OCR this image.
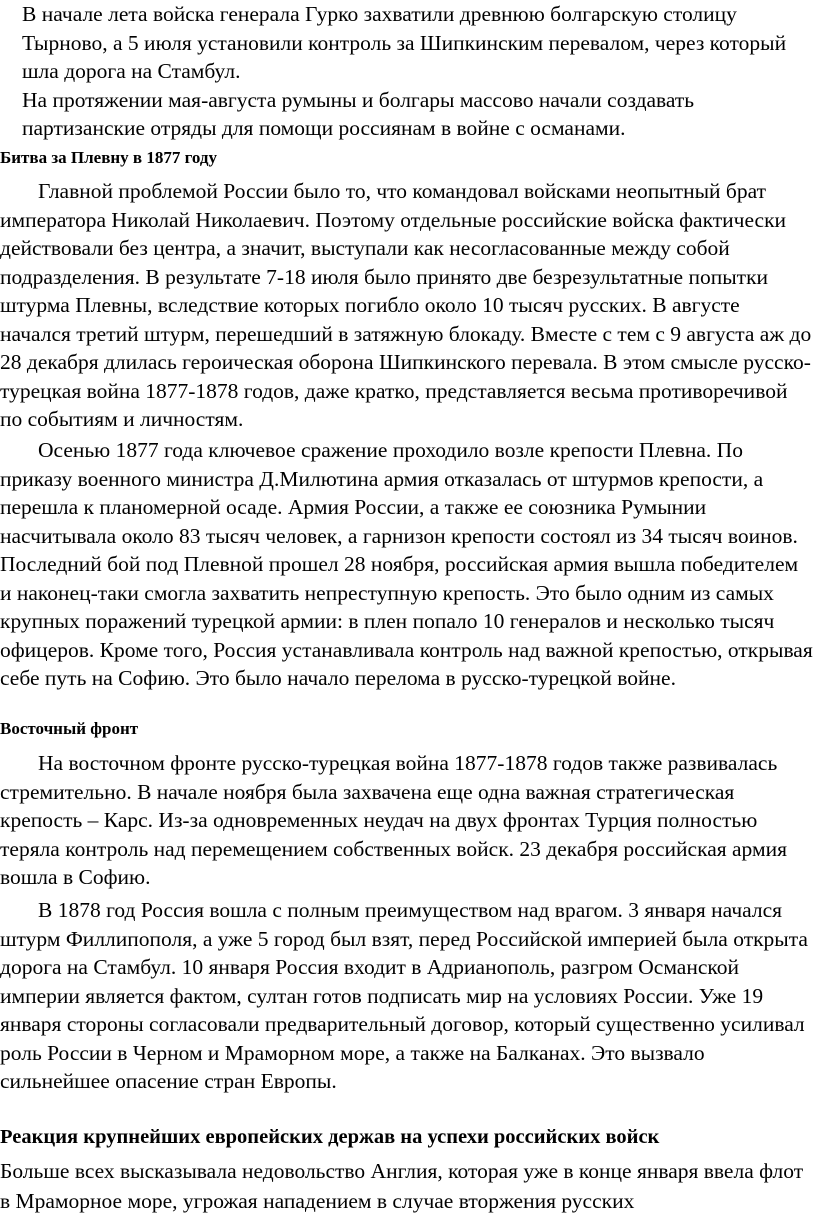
В начале лета войска генерала Гурко захватили древнюю болгарскую столицу Тырново, а 5 июля установили контроль за Шипкинским перевалом, через который шла дорога на Стамбул.
На протяжении мая-августа румыны и болгары массово начали создавать партизанские отряды для помощи россиянам в войне с османами.
Битва за Плевну в 1877 году

Главной проблемой России было то, что командовал войсками неопытный брат императора Николай Николаевич. Поэтому отдельные российские войска фактически действовали без центра, а значит, выступали как несогласованные между собой подразделения. В результате 7-18 июля было принято две безрезультатные попытки штурма Плевны, вследствие которых погибло около 10 тысяч русских. В августе начался третий штурм, перешедший в затяжную блокаду. Вместе с тем с 9 августа аж до 28 декабря длилась героическая оборона Шипкинского перевала. В этом смысле русско-турецкая война 1877-1878 годов, даже кратко, представляется весьма противоречивой по событиям и личностям.

Осенью 1877 года ключевое сражение проходило возле крепости Плевна. По приказу военного министра Д.Милютина армия отказалась от штурмов крепости, а перешла к планомерной осаде. Армия России, а также ее союзника Румынии насчитывала около 83 тысяч человек, а гарнизон крепости состоял из 34 тысяч воинов. Последний бой под Плевной прошел 28 ноября, российская армия вышла победителем и наконец-таки смогла захватить непреступную крепость. Это было одним из самых крупных поражений турецкой армии: в плен попало 10 генералов и несколько тысяч офицеров. Кроме того, Россия устанавливала контроль над важной крепостью, открывая себе путь на Софию. Это было начало перелома в русско-турецкой войне.

Восточный фронт

На восточном фронте русско-турецкая война 1877-1878 годов также развивалась стремительно. В начале ноября была захвачена еще одна важная стратегическая крепость – Карс. Из-за одновременных неудач на двух фронтах Турция полностью теряла контроль над перемещением собственных войск. 23 декабря российская армия вошла в Софию.

В 1878 год Россия вошла с полным преимуществом над врагом. 3 января начался штурм Филлипополя, а уже 5 город был взят, перед Российской империей была открыта дорога на Стамбул. 10 января Россия входит в Адрианополь, разгром Османской империи является фактом, султан готов подписать мир на условиях России. Уже 19 января стороны согласовали предварительный договор, который существенно усиливал роль России в Черном и Мраморном море, а также на Балканах. Это вызвало сильнейшее опасение стран Европы.

Реакция крупнейших европейских держав на успехи российских войск

Больше всех высказывала недовольство Англия, которая уже в конце января ввела флот в Мраморное море, угрожая нападением в случае вторжения русских
